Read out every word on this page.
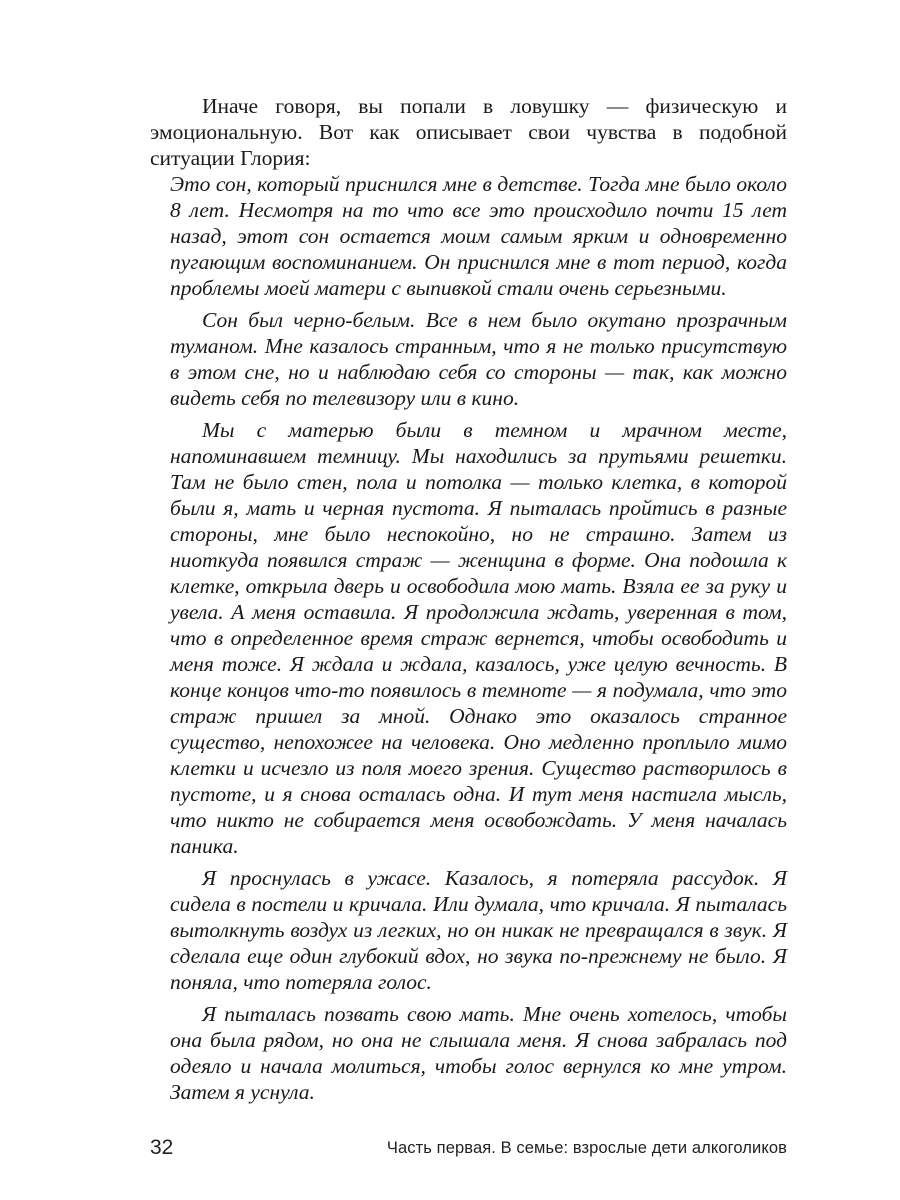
Иначе говоря, вы попали в ловушку — физическую и эмоциональную. Вот как описывает свои чувства в подобной ситуации Глория:

Это сон, который приснился мне в детстве. Тогда мне было около 8 лет. Несмотря на то что все это происходило почти 15 лет назад, этот сон остается моим самым ярким и одновременно пугающим воспоминанием. Он приснился мне в тот период, когда проблемы моей матери с выпивкой стали очень серьезными.

Сон был черно-белым. Все в нем было окутано прозрачным туманом. Мне казалось странным, что я не только присутствую в этом сне, но и наблюдаю себя со стороны — так, как можно видеть себя по телевизору или в кино.

Мы с матерью были в темном и мрачном месте, напоминавшем темницу. Мы находились за прутьями решетки. Там не было стен, пола и потолка — только клетка, в которой были я, мать и черная пустота. Я пыталась пройтись в разные стороны, мне было неспокойно, но не страшно. Затем из ниоткуда появился страж — женщина в форме. Она подошла к клетке, открыла дверь и освободила мою мать. Взяла ее за руку и увела. А меня оставила. Я продолжила ждать, уверенная в том, что в определенное время страж вернется, чтобы освободить и меня тоже. Я ждала и ждала, казалось, уже целую вечность. В конце концов что-то появилось в темноте — я подумала, что это страж пришел за мной. Однако это оказалось странное существо, непохожее на человека. Оно медленно проплыло мимо клетки и исчезло из поля моего зрения. Существо растворилось в пустоте, и я снова осталась одна. И тут меня настигла мысль, что никто не собирается меня освобождать. У меня началась паника.

Я проснулась в ужасе. Казалось, я потеряла рассудок. Я сидела в постели и кричала. Или думала, что кричала. Я пыталась вытолкнуть воздух из легких, но он никак не превращался в звук. Я сделала еще один глубокий вдох, но звука по-прежнему не было. Я поняла, что потеряла голос.

Я пыталась позвать свою мать. Мне очень хотелось, чтобы она была рядом, но она не слышала меня. Я снова забралась под одеяло и начала молиться, чтобы голос вернулся ко мне утром. Затем я уснула.

32	Часть первая. В семье: взрослые дети алкоголиков
